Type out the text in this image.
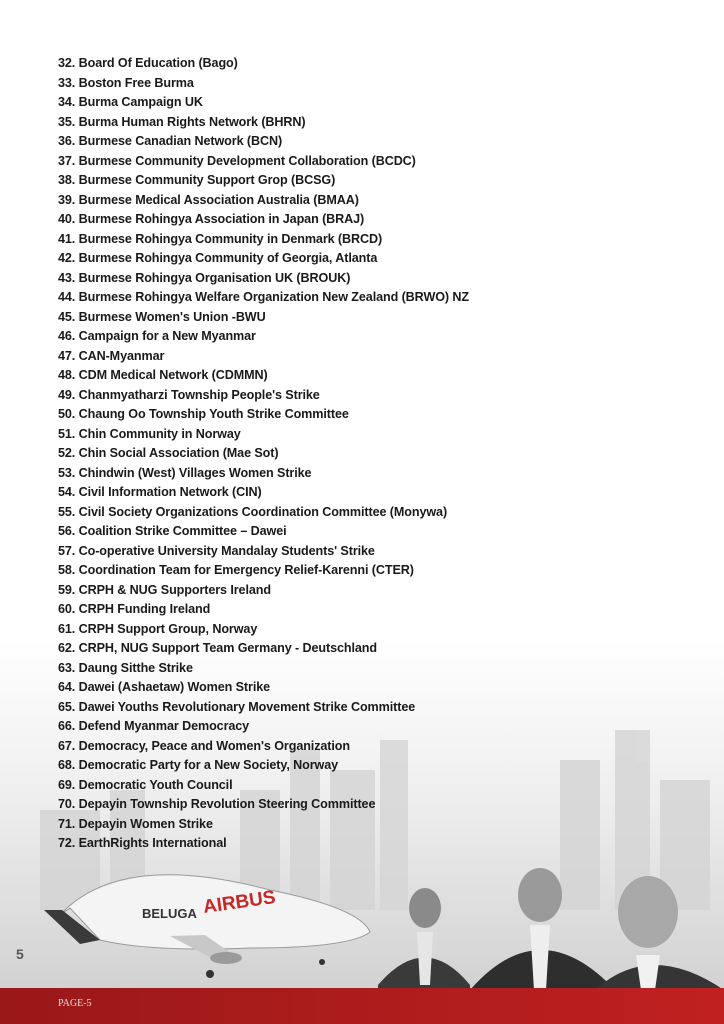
BELUGA AIRBUS
32. Board Of Education (Bago)
33. Boston Free Burma
34. Burma Campaign UK
35. Burma Human Rights Network (BHRN)
36. Burmese Canadian Network (BCN)
37. Burmese Community Development Collaboration (BCDC)
38. Burmese Community Support Grop (BCSG)
39. Burmese Medical Association Australia (BMAA)
40. Burmese Rohingya Association in Japan (BRAJ)
41. Burmese Rohingya Community in Denmark (BRCD)
42. Burmese Rohingya Community of Georgia, Atlanta
43. Burmese Rohingya Organisation UK (BROUK)
44. Burmese Rohingya Welfare Organization New Zealand (BRWO) NZ
45. Burmese Women's Union -BWU
46. Campaign for a New Myanmar
47. CAN-Myanmar
48. CDM Medical Network (CDMMN)
49. Chanmyatharzi Township People's Strike
50. Chaung Oo Township Youth Strike Committee
51. Chin Community in Norway
52. Chin Social Association (Mae Sot)
53. Chindwin (West) Villages Women Strike
54. Civil Information Network (CIN)
55. Civil Society Organizations Coordination Committee (Monywa)
56. Coalition Strike Committee – Dawei
57. Co-operative University Mandalay Students' Strike
58. Coordination Team for Emergency Relief-Karenni (CTER)
59. CRPH & NUG Supporters Ireland
60. CRPH Funding Ireland
61. CRPH Support Group, Norway
62. CRPH, NUG Support Team Germany - Deutschland
63. Daung Sitthe Strike
64. Dawei (Ashaetaw) Women Strike
65. Dawei Youths Revolutionary Movement Strike Committee
66. Defend Myanmar Democracy
67. Democracy, Peace and Women's Organization
68. Democratic Party for a New Society, Norway
69. Democratic Youth Council
70. Depayin Township Revolution Steering Committee
71. Depayin Women Strike
72. EarthRights International
5
PAGE-5
